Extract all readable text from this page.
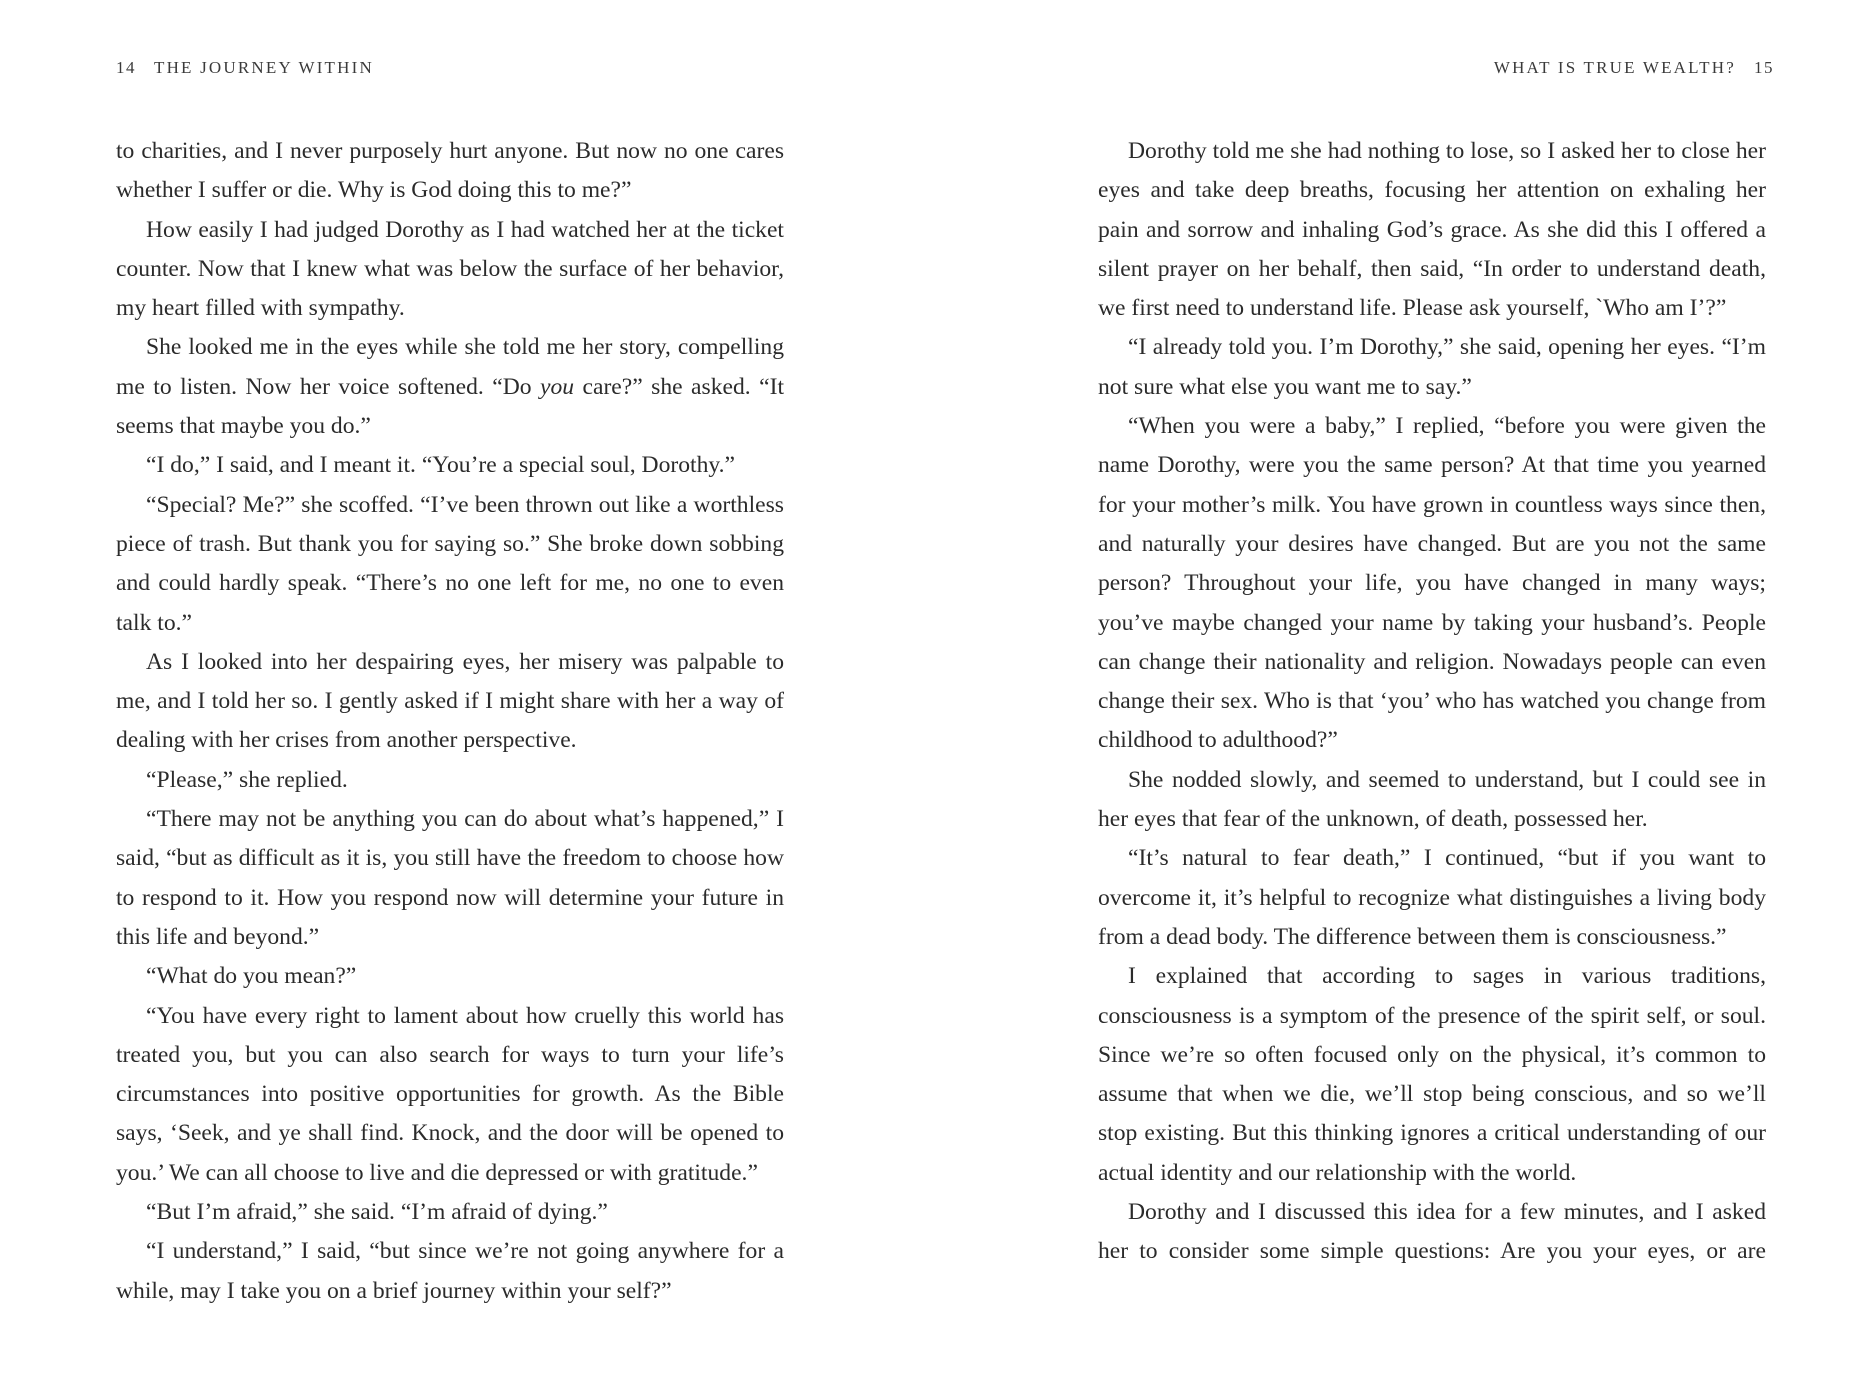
14 THE JOURNEY WITHIN

to charities, and I never purposely hurt anyone. But now no one cares whether I suffer or die. Why is God doing this to me?”

How easily I had judged Dorothy as I had watched her at the ticket counter. Now that I knew what was below the surface of her behavior, my heart filled with sympathy.

She looked me in the eyes while she told me her story, compelling me to listen. Now her voice softened. “Do you care?” she asked. “It seems that maybe you do.”

“I do,” I said, and I meant it. “You’re a special soul, Dorothy.”

“Special? Me?” she scoffed. “I’ve been thrown out like a worthless piece of trash. But thank you for saying so.” She broke down sobbing and could hardly speak. “There’s no one left for me, no one to even talk to.”

As I looked into her despairing eyes, her misery was palpable to me, and I told her so. I gently asked if I might share with her a way of dealing with her crises from another perspective.

“Please,” she replied.

“There may not be anything you can do about what’s happened,” I said, “but as difficult as it is, you still have the freedom to choose how to respond to it. How you respond now will determine your future in this life and beyond.”

“What do you mean?”

“You have every right to lament about how cruelly this world has treated you, but you can also search for ways to turn your life’s circumstances into positive opportunities for growth. As the Bible says, ‘Seek, and ye shall find. Knock, and the door will be opened to you.’ We can all choose to live and die depressed or with gratitude.”

“But I’m afraid,” she said. “I’m afraid of dying.”

“I understand,” I said, “but since we’re not going anywhere for a while, may I take you on a brief journey within your self?”

WHAT IS TRUE WEALTH? 15

Dorothy told me she had nothing to lose, so I asked her to close her eyes and take deep breaths, focusing her attention on exhaling her pain and sorrow and inhaling God’s grace. As she did this I offered a silent prayer on her behalf, then said, “In order to understand death, we first need to understand life. Please ask yourself, `Who am I’?”

“I already told you. I’m Dorothy,” she said, opening her eyes. “I’m not sure what else you want me to say.”

“When you were a baby,” I replied, “before you were given the name Dorothy, were you the same person? At that time you yearned for your mother’s milk. You have grown in countless ways since then, and naturally your desires have changed. But are you not the same person? Throughout your life, you have changed in many ways; you’ve maybe changed your name by taking your husband’s. People can change their nationality and religion. Nowadays people can even change their sex. Who is that ‘you’ who has watched you change from childhood to adulthood?”

She nodded slowly, and seemed to understand, but I could see in her eyes that fear of the unknown, of death, possessed her.

“It’s natural to fear death,” I continued, “but if you want to overcome it, it’s helpful to recognize what distinguishes a living body from a dead body. The difference between them is consciousness.”

I explained that according to sages in various traditions, consciousness is a symptom of the presence of the spirit self, or soul. Since we’re so often focused only on the physical, it’s common to assume that when we die, we’ll stop being conscious, and so we’ll stop existing. But this thinking ignores a critical understanding of our actual identity and our relationship with the world.

Dorothy and I discussed this idea for a few minutes, and I asked her to consider some simple questions: Are you your eyes, or are
